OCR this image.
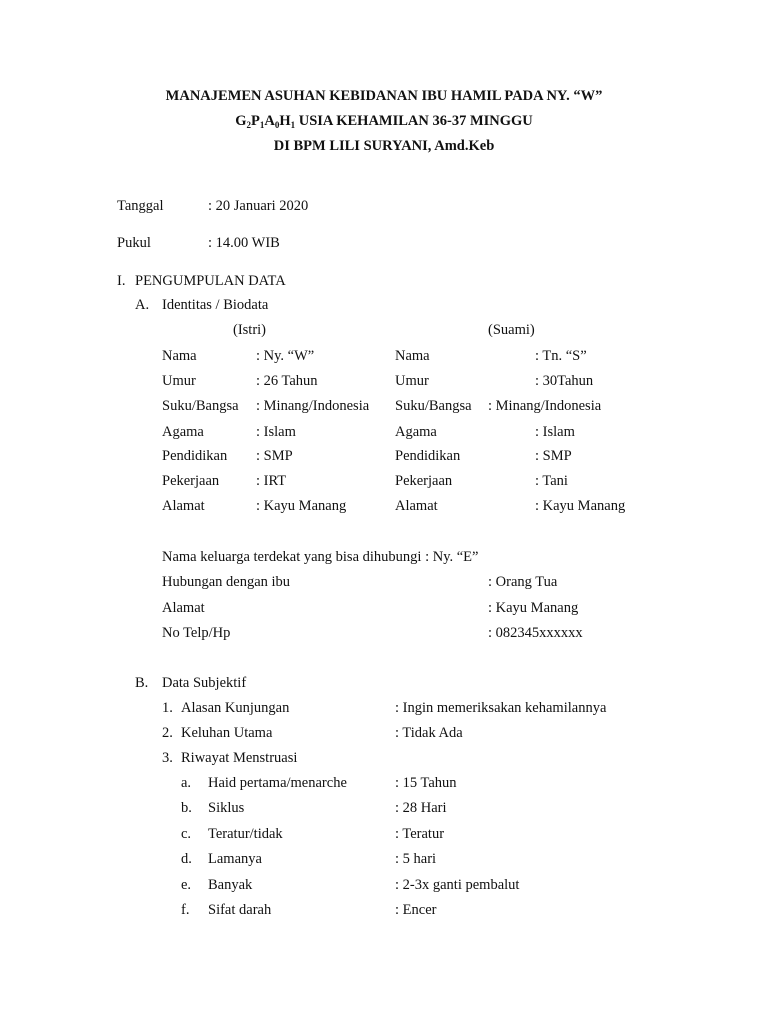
MANAJEMEN ASUHAN KEBIDANAN IBU HAMIL PADA NY. “W”
$G_2P_1A_0H_1$ USIA KEHAMILAN 36-37 MINGGU
DI BPM LILI SURYANI, Amd.Keb
Tanggal	: 20 Januari 2020
Pukul	: 14.00 WIB
I. PENGUMPULAN DATA
A. Identitas / Biodata
(Istri)	(Suami)
Nama	: Ny. “W”	Nama	: Tn. “S”
Umur	: 26 Tahun	Umur	: 30Tahun
Suku/Bangsa : Minang/Indonesia Suku/Bangsa : Minang/Indonesia
Agama	: Islam	Agama	: Islam
Pendidikan : SMP	Pendidikan	: SMP
Pekerjaan	: IRT	Pekerjaan	: Tani
Alamat	: Kayu Manang	Alamat	: Kayu Manang
Nama keluarga terdekat yang bisa dihubungi : Ny. “E”
Hubungan dengan ibu	: Orang Tua
Alamat	: Kayu Manang
No Telp/Hp	: 082345xxxxxx
B. Data Subjektif
1. Alasan Kunjungan	: Ingin memeriksakan kehamilannya
2. Keluhan Utama	: Tidak Ada
3. Riwayat Menstruasi
a. Haid pertama/menarche	: 15 Tahun
b. Siklus	: 28 Hari
c. Teratur/tidak	: Teratur
d. Lamanya	: 5 hari
e. Banyak	: 2-3x ganti pembalut
f. Sifat darah	: Encer
